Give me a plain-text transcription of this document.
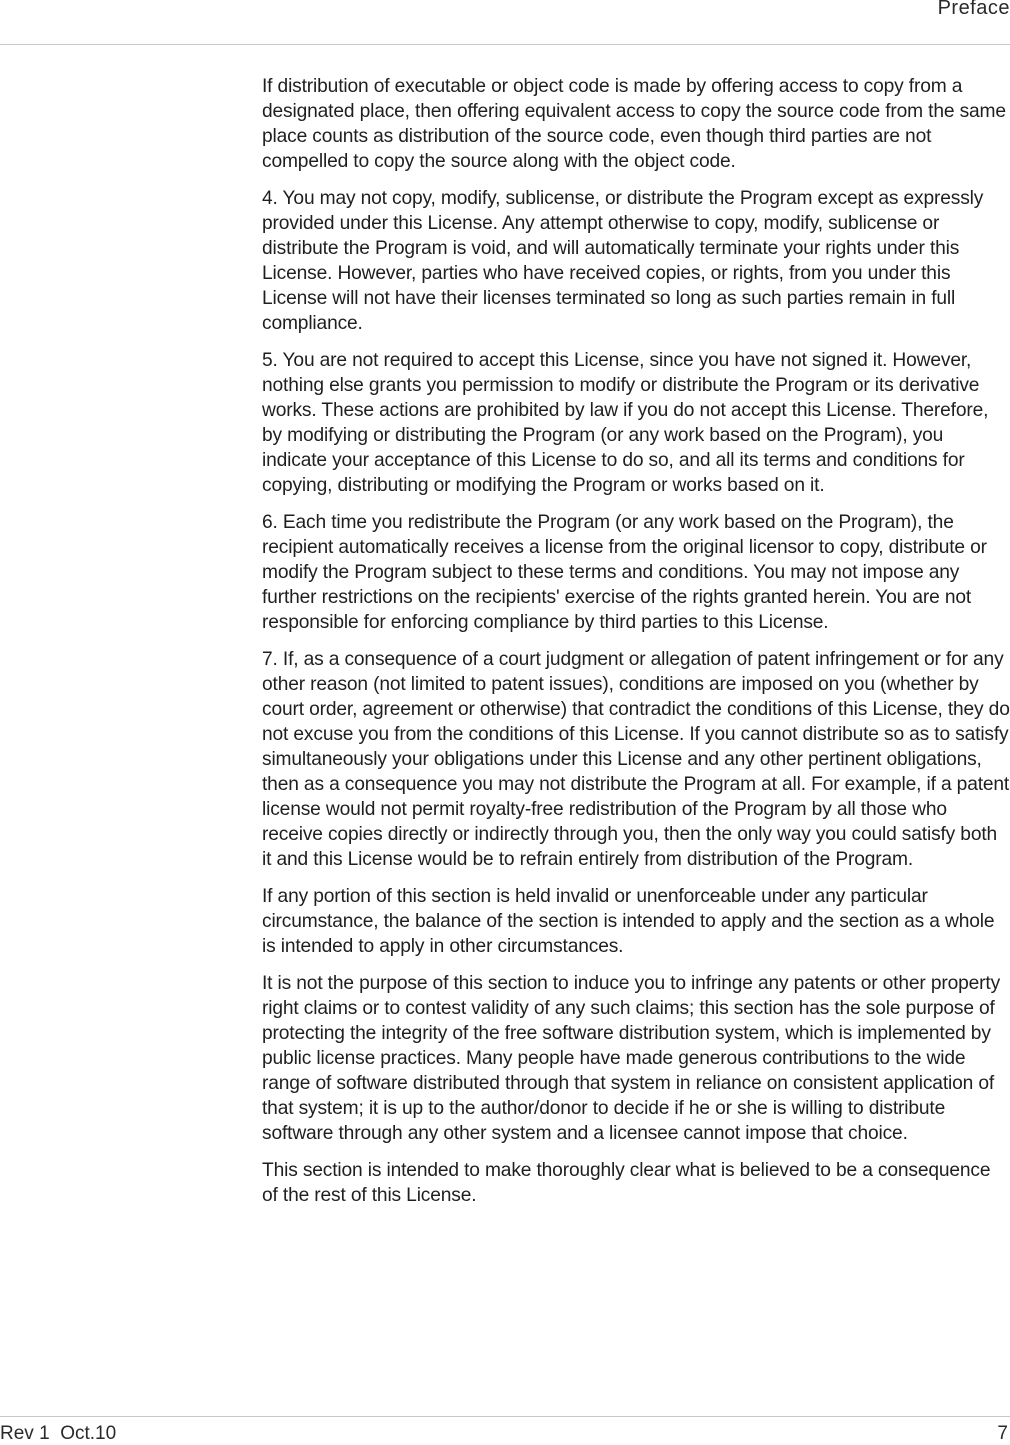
Preface

If distribution of executable or object code is made by offering access to copy from a designated place, then offering equivalent access to copy the source code from the same place counts as distribution of the source code, even though third parties are not compelled to copy the source along with the object code.

4. You may not copy, modify, sublicense, or distribute the Program except as expressly provided under this License. Any attempt otherwise to copy, modify, sublicense or distribute the Program is void, and will automatically terminate your rights under this License. However, parties who have received copies, or rights, from you under this License will not have their licenses terminated so long as such parties remain in full compliance.

5. You are not required to accept this License, since you have not signed it. However, nothing else grants you permission to modify or distribute the Program or its derivative works. These actions are prohibited by law if you do not accept this License. Therefore, by modifying or distributing the Program (or any work based on the Program), you indicate your acceptance of this License to do so, and all its terms and conditions for copying, distributing or modifying the Program or works based on it.

6. Each time you redistribute the Program (or any work based on the Program), the recipient automatically receives a license from the original licensor to copy, distribute or modify the Program subject to these terms and conditions. You may not impose any further restrictions on the recipients' exercise of the rights granted herein. You are not responsible for enforcing compliance by third parties to this License.

7. If, as a consequence of a court judgment or allegation of patent infringement or for any other reason (not limited to patent issues), conditions are imposed on you (whether by court order, agreement or otherwise) that contradict the conditions of this License, they do not excuse you from the conditions of this License. If you cannot distribute so as to satisfy simultaneously your obligations under this License and any other pertinent obligations, then as a consequence you may not distribute the Program at all. For example, if a patent license would not permit royalty-free redistribution of the Program by all those who receive copies directly or indirectly through you, then the only way you could satisfy both it and this License would be to refrain entirely from distribution of the Program.

If any portion of this section is held invalid or unenforceable under any particular circumstance, the balance of the section is intended to apply and the section as a whole is intended to apply in other circumstances.

It is not the purpose of this section to induce you to infringe any patents or other property right claims or to contest validity of any such claims; this section has the sole purpose of protecting the integrity of the free software distribution system, which is implemented by public license practices. Many people have made generous contributions to the wide range of software distributed through that system in reliance on consistent application of that system; it is up to the author/donor to decide if he or she is willing to distribute software through any other system and a licensee cannot impose that choice.

This section is intended to make thoroughly clear what is believed to be a consequence of the rest of this License.

Rev 1  Oct.10	7
